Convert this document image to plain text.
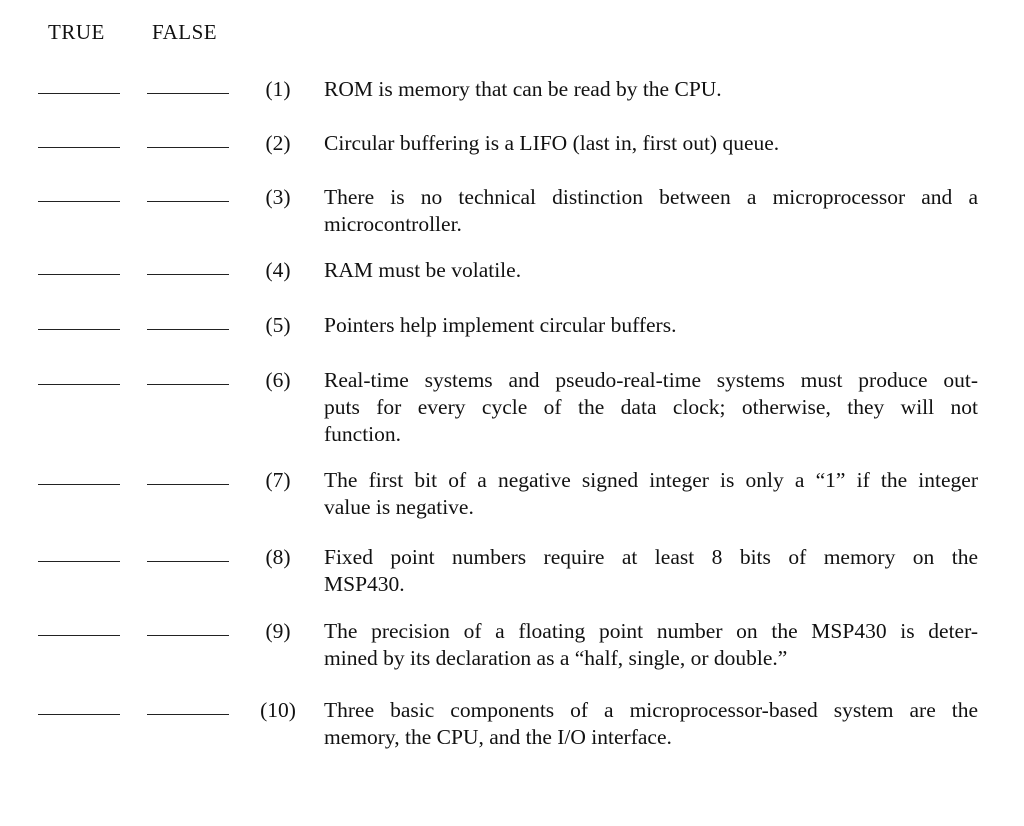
TRUE FALSE
(1)	ROM is memory that can be read by the CPU.
(2)	Circular buffering is a LIFO (last in, first out) queue.
(3)	There is no technical distinction between a microprocessor and a
microcontroller.
(4)	RAM must be volatile.
(5)	Pointers help implement circular buffers.
(6)	Real-time systems and pseudo-real-time systems must produce out-
puts for every cycle of the data clock; otherwise, they will not
function.
(7)	The first bit of a negative signed integer is only a “1” if the integer
value is negative.
(8)	Fixed point numbers require at least 8 bits of memory on the
MSP430.
(9)	The precision of a floating point number on the MSP430 is deter-
mined by its declaration as a “half, single, or double.”
(10) Three basic components of a microprocessor-based system are the
memory, the CPU, and the I/O interface.
